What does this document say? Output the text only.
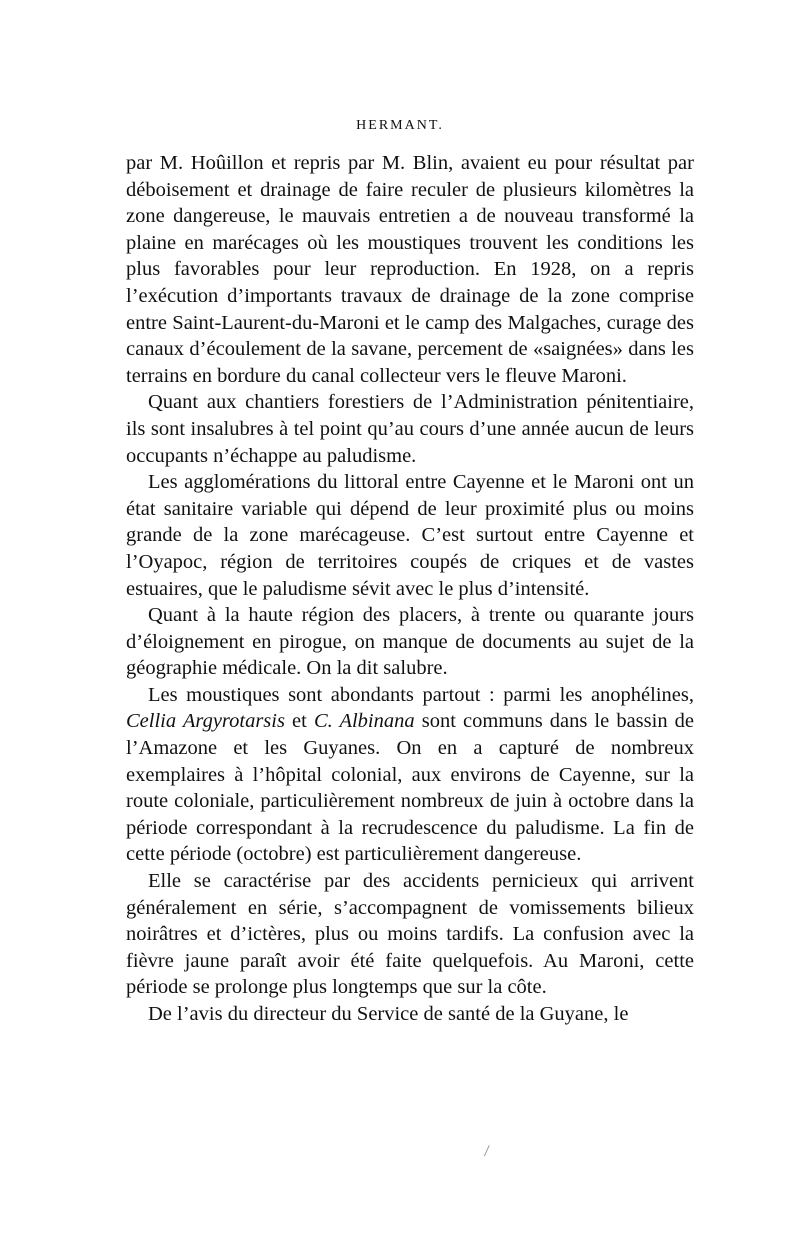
HERMANT.

par M. Hoûillon et repris par M. Blin, avaient eu pour résultat par déboisement et drainage de faire reculer de plusieurs kilomètres la zone dangereuse, le mauvais entretien a de nouveau transformé la plaine en marécages où les moustiques trouvent les conditions les plus favorables pour leur reproduction. En 1928, on a repris l’exécution d’importants travaux de drainage de la zone comprise entre Saint-Laurent-du-Maroni et le camp des Malgaches, curage des canaux d’écoulement de la savane, percement de «saignées» dans les terrains en bordure du canal collecteur vers le fleuve Maroni.

Quant aux chantiers forestiers de l’Administration pénitentiaire, ils sont insalubres à tel point qu’au cours d’une année aucun de leurs occupants n’échappe au paludisme.

Les agglomérations du littoral entre Cayenne et le Maroni ont un état sanitaire variable qui dépend de leur proximité plus ou moins grande de la zone marécageuse. C’est surtout entre Cayenne et l’Oyapoc, région de territoires coupés de criques et de vastes estuaires, que le paludisme sévit avec le plus d’intensité.

Quant à la haute région des placers, à trente ou quarante jours d’éloignement en pirogue, on manque de documents au sujet de la géographie médicale. On la dit salubre.

Les moustiques sont abondants partout : parmi les anophélines, Cellia Argyrotarsis et C. Albinana sont communs dans le bassin de l’Amazone et les Guyanes. On en a capturé de nombreux exemplaires à l’hôpital colonial, aux environs de Cayenne, sur la route coloniale, particulièrement nombreux de juin à octobre dans la période correspondant à la recrudescence du paludisme. La fin de cette période (octobre) est particulièrement dangereuse.

Elle se caractérise par des accidents pernicieux qui arrivent généralement en série, s’accompagnent de vomissements bilieux noirâtres et d’ictères, plus ou moins tardifs. La confusion avec la fièvre jaune paraît avoir été faite quelquefois. Au Maroni, cette période se prolonge plus longtemps que sur la côte.

De l’avis du directeur du Service de santé de la Guyane, le
